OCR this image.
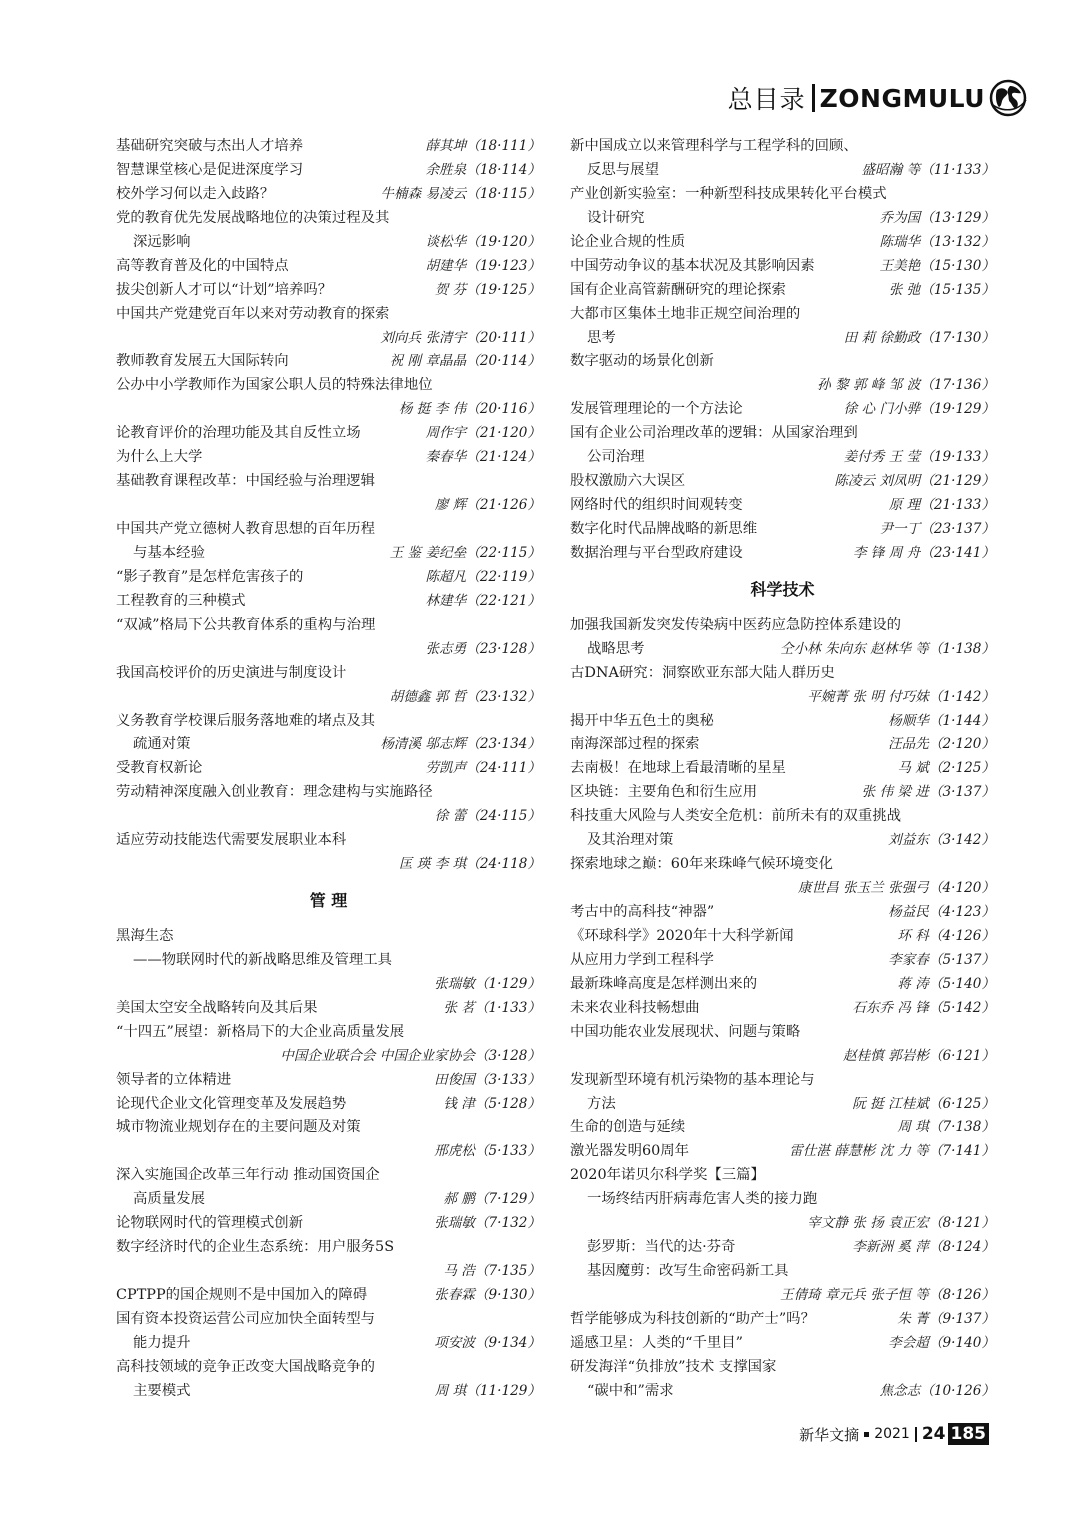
总目录 ZONGMULU
基础研究突破与杰出人才培养	薛其坤 （18·111）
智慧课堂核心是促进深度学习	余胜泉 （18·114）
校外学习何以走入歧路？	牛楠森 易凌云 （18·115）
党的教育优先发展战略地位的决策过程及其
深远影响	谈松华 （19·120）
高等教育普及化的中国特点	胡建华 （19·123）
拔尖创新人才可以“计划”培养吗？	贺 芬 （19·125）
中国共产党建党百年以来对劳动教育的探索
刘向兵 张清宇 （20·111）
教师教育发展五大国际转向	祝 刚 章晶晶 （20·114）
公办中小学教师作为国家公职人员的特殊法律地位
杨 挺 李 伟 （20·116）
论教育评价的治理功能及其自反性立场	周作宇 （21·120）
为什么上大学	秦春华 （21·124）
基础教育课程改革：中国经验与治理逻辑
廖 辉 （21·126）
中国共产党立德树人教育思想的百年历程
与基本经验	王 鉴 姜纪垒 （22·115）
“影子教育”是怎样危害孩子的	陈超凡 （22·119）
工程教育的三种模式	林建华 （22·121）
“双减”格局下公共教育体系的重构与治理
张志勇 （23·128）
我国高校评价的历史演进与制度设计
胡德鑫 郭 哲 （23·132）
义务教育学校课后服务落地难的堵点及其
疏通对策	杨清溪 邬志辉 （23·134）
受教育权新论	劳凯声 （24·111）
劳动精神深度融入创业教育：理念建构与实施路径
徐 蕾 （24·115）
适应劳动技能迭代需要发展职业本科
匡 瑛 李 琪 （24·118）
管 理
黑海生态
——物联网时代的新战略思维及管理工具
张瑞敏 （1·129）
美国太空安全战略转向及其后果	张 茗 （1·133）
“十四五”展望：新格局下的大企业高质量发展
中国企业联合会 中国企业家协会 （3·128）
领导者的立体精进	田俊国 （3·133）
论现代企业文化管理变革及发展趋势	钱 津 （5·128）
城市物流业规划存在的主要问题及对策
邢虎松 （5·133）
深入实施国企改革三年行动 推动国资国企
高质量发展	郝 鹏 （7·129）
论物联网时代的管理模式创新	张瑞敏 （7·132）
数字经济时代的企业生态系统：用户服务5S
马 浩 （7·135）
CPTPP的国企规则不是中国加入的障碍	张春霖 （9·130）
国有资本投资运营公司应加快全面转型与
能力提升	项安波 （9·134）
高科技领域的竞争正改变大国战略竞争的
主要模式	周 琪 （11·129）
新中国成立以来管理科学与工程学科的回顾、
反思与展望	盛昭瀚 等 （11·133）
产业创新实验室：一种新型科技成果转化平台模式
设计研究	乔为国 （13·129）
论企业合规的性质	陈瑞华 （13·132）
中国劳动争议的基本状况及其影响因素	王美艳 （15·130）
国有企业高管薪酬研究的理论探索	张 弛 （15·135）
大都市区集体土地非正规空间治理的
思考	田 莉 徐勤政 （17·130）
数字驱动的场景化创新
孙 黎 郭 峰 邹 波 （17·136）
发展管理理论的一个方法论	徐 心 门小骅 （19·129）
国有企业公司治理改革的逻辑：从国家治理到
公司治理	姜付秀 王 莹 （19·133）
股权激励六大误区	陈凌云 刘凤明 （21·129）
网络时代的组织时间观转变	原 理 （21·133）
数字化时代品牌战略的新思维	尹一丁 （23·137）
数据治理与平台型政府建设	李 锋 周 舟 （23·141）
科学技术
加强我国新发突发传染病中医药应急防控体系建设的
战略思考	仝小林 朱向东 赵林华 等 （1·138）
古DNA研究：洞察欧亚东部大陆人群历史
平婉菁 张 明 付巧妹 （1·142）
揭开中华五色土的奥秘	杨顺华 （1·144）
南海深部过程的探索	汪品先 （2·120）
去南极！在地球上看最清晰的星星	马 斌 （2·125）
区块链：主要角色和衍生应用	张 伟 梁 进 （3·137）
科技重大风险与人类安全危机：前所未有的双重挑战
及其治理对策	刘益东 （3·142）
探索地球之巅：60年来珠峰气候环境变化
康世昌 张玉兰 张强弓 （4·120）
考古中的高科技“神器”	杨益民 （4·123）
《环球科学》2020年十大科学新闻	环 科 （4·126）
从应用力学到工程科学	李家春 （5·137）
最新珠峰高度是怎样测出来的	蒋 涛 （5·140）
未来农业科技畅想曲	石东乔 冯 锋 （5·142）
中国功能农业发展现状、问题与策略
赵桂慎 郭岩彬 （6·121）
发现新型环境有机污染物的基本理论与
方法	阮 挺 江桂斌 （6·125）
生命的创造与延续	周 琪 （7·138）
激光器发明60周年	雷仕湛 薛慧彬 沈 力 等 （7·141）
2020年诺贝尔科学奖【三篇】
一场终结丙肝病毒危害人类的接力跑
宰文静 张 扬 袁正宏 （8·121）
彭罗斯：当代的达·芬奇	李新洲 奚 萍 （8·124）
基因魔剪：改写生命密码新工具
王倩琦 章元兵 张子恒 等 （8·126）
哲学能够成为科技创新的“助产士”吗？	朱 菁 （9·137）
遥感卫星：人类的“千里目”	李会超 （9·140）
研发海洋“负排放”技术 支撑国家
“碳中和”需求	焦念志 （10·126）
新华文摘 2021 24 185
